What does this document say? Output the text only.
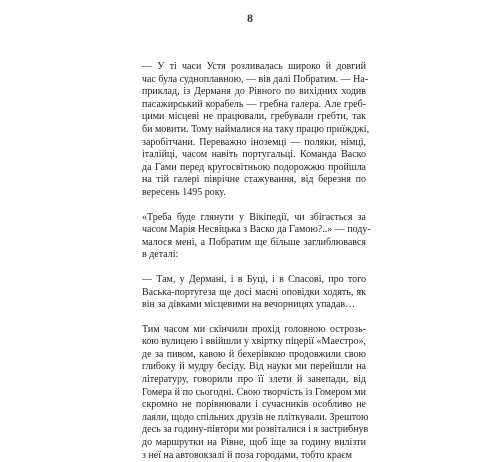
8
— У ті часи Устя розливалась широко й довгий
час була судноплавною, — вів далі Побратим. — На-
приклад, із Дерманя до Рівного по вихідних ходив
пасажирський корабель — гребна галера. Але греб-
цими місцеві не працювали, гребували гребти, так
би мовити. Тому наймалися на таку працю приїжджі,
заробітчани. Переважно іноземці — поляки, німці,
італійці, часом навіть португальці. Команда Васко
да Гами перед кругосвітньою подорожжю пройшла
на тій галері піврічне стажування, від березня по
вересень 1495 року.
«Треба буде глянути у Вікіпедії, чи збігається за
часом Марія Несвіцька з Васко да Гамою?..» — поду-
малося мені, а Побратим ще більше заглиблювався
в деталі:
— Там, у Дермані, і в Буці, і в Спасові, про того
Васька-португеза ще досі масні оповідки ходять, як
він за дівками місцевими на вечорницях упадав…
Тим часом ми скінчили прохід головною острозь-
кою вулицею і ввійшли у хвіртку піцерії «Маестро»,
де за пивом, кавою й бехерівкою продовжили свою
глибоку й мудру бесіду. Від науки ми перейшли на
літературу, говорили про її злети й занепади, від
Гомера й по сьогодні. Свою творчість із Гомером ми
скромно не порівнювали і сучасників особливо не
лаяли, щодо спільних друзів не пліткували. Зрештою
десь за годину-півтори ми розвіталися і я застрибнув
до маршрутки на Рівне, щоб іще за годину вилізти
з неї на автовокзалі й поза городами, тобто краєм
